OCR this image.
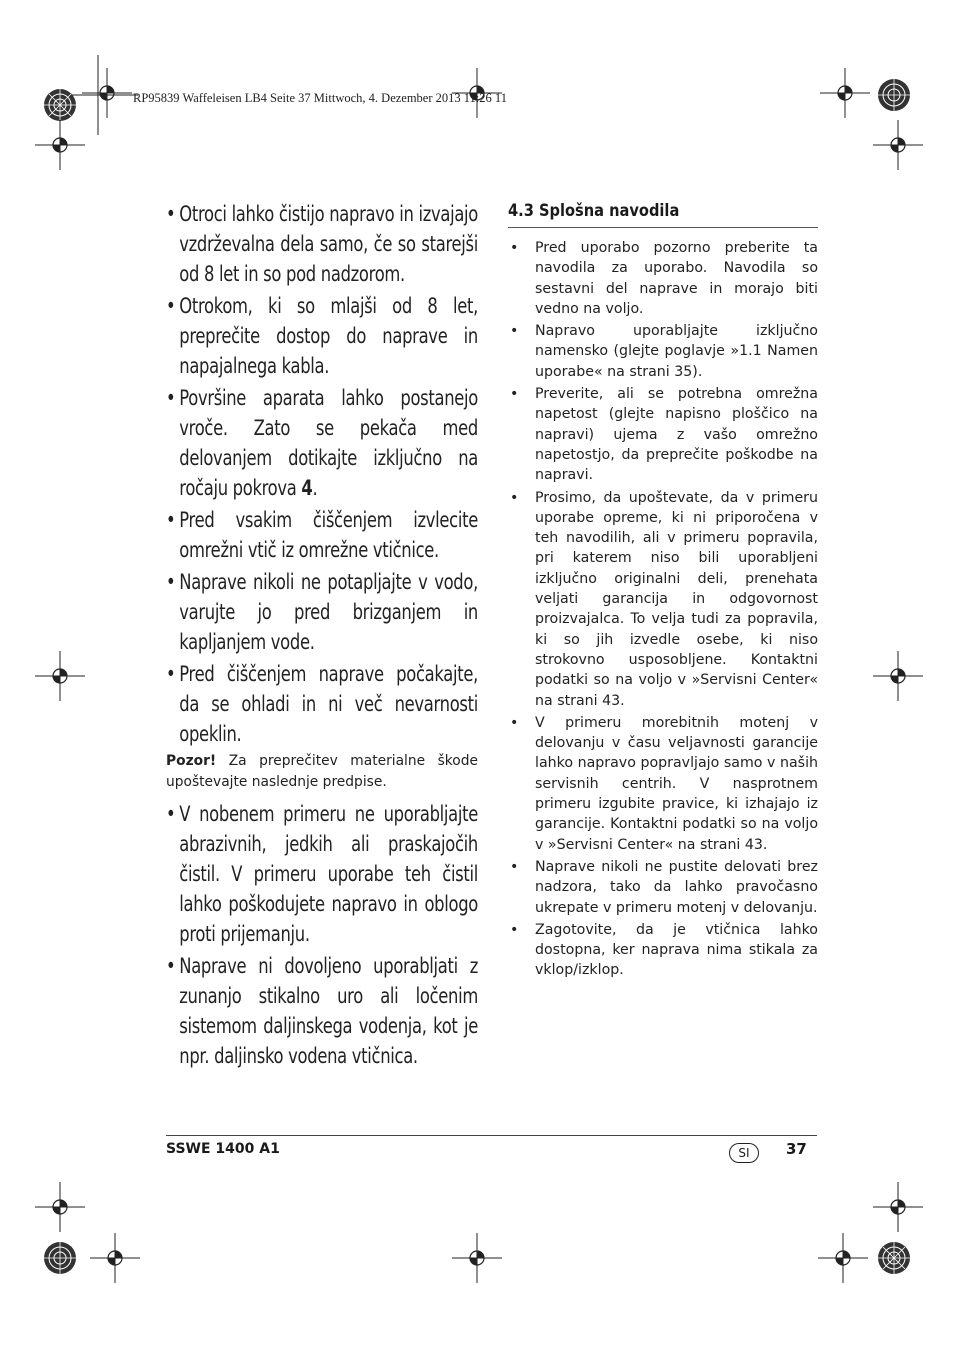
RP95839 Waffeleisen LB4 Seite 37 Mittwoch, 4. Dezember 2013 11:26 11
• Otroci lahko čistijo napravo in izvajajo vzdrževalna dela samo, če so starejši od 8 let in so pod nadzorom.
• Otrokom, ki so mlajši od 8 let, preprečite dostop do naprave in napajalnega kabla.
• Površine aparata lahko postanejo vroče. Zato se pekača med delovanjem dotikajte izključno na ročaju pokrova 4.
• Pred vsakim čiščenjem izvlecite omrežni vtič iz omrežne vtičnice.
• Naprave nikoli ne potapljajte v vodo, varujte jo pred brizganjem in kapljanjem vode.
• Pred čiščenjem naprave počakajte, da se ohladi in ni več nevarnosti opeklin.

Pozor! Za preprečitev materialne škode upoštevajte naslednje predpise.

• V nobenem primeru ne uporabljajte abrazivnih, jedkih ali praskajočih čistil. V primeru uporabe teh čistil lahko poškodujete napravo in oblogo proti prijemanju.
• Naprave ni dovoljeno uporabljati z zunanjo stikalno uro ali ločenim sistemom daljinskega vodenja, kot je npr. daljinsko vodena vtičnica.
4.3 Splošna navodila
• Pred uporabo pozorno preberite ta navodila za uporabo. Navodila so sestavni del naprave in morajo biti vedno na voljo.
• Napravo uporabljajte izključno namensko (glejte poglavje »1.1 Namen uporabe« na strani 35).
• Preverite, ali se potrebna omrežna napetost (glejte napisno ploščico na napravi) ujema z vašo omrežno napetostjo, da preprečite poškodbe na napravi.
• Prosimo, da upoštevate, da v primeru uporabe opreme, ki ni priporočena v teh navodilih, ali v primeru popravila, pri katerem niso bili uporabljeni izključno originalni deli, prenehata veljati garancija in odgovornost proizvajalca. To velja tudi za popravila, ki so jih izvedle osebe, ki niso strokovno usposobljene. Kontaktni podatki so na voljo v »Servisni Center« na strani 43.
• V primeru morebitnih motenj v delovanju v času veljavnosti garancije lahko napravo popravljajo samo v naših servisnih centrih. V nasprotnem primeru izgubite pravice, ki izhajajo iz garancije. Kontaktni podatki so na voljo v »Servisni Center« na strani 43.
• Naprave nikoli ne pustite delovati brez nadzora, tako da lahko pravočasno ukrepate v primeru motenj v delovanju.
• Zagotovite, da je vtičnica lahko dostopna, ker naprava nima stikala za vklop/izklop.
SSWE 1400 A1	SI	37
